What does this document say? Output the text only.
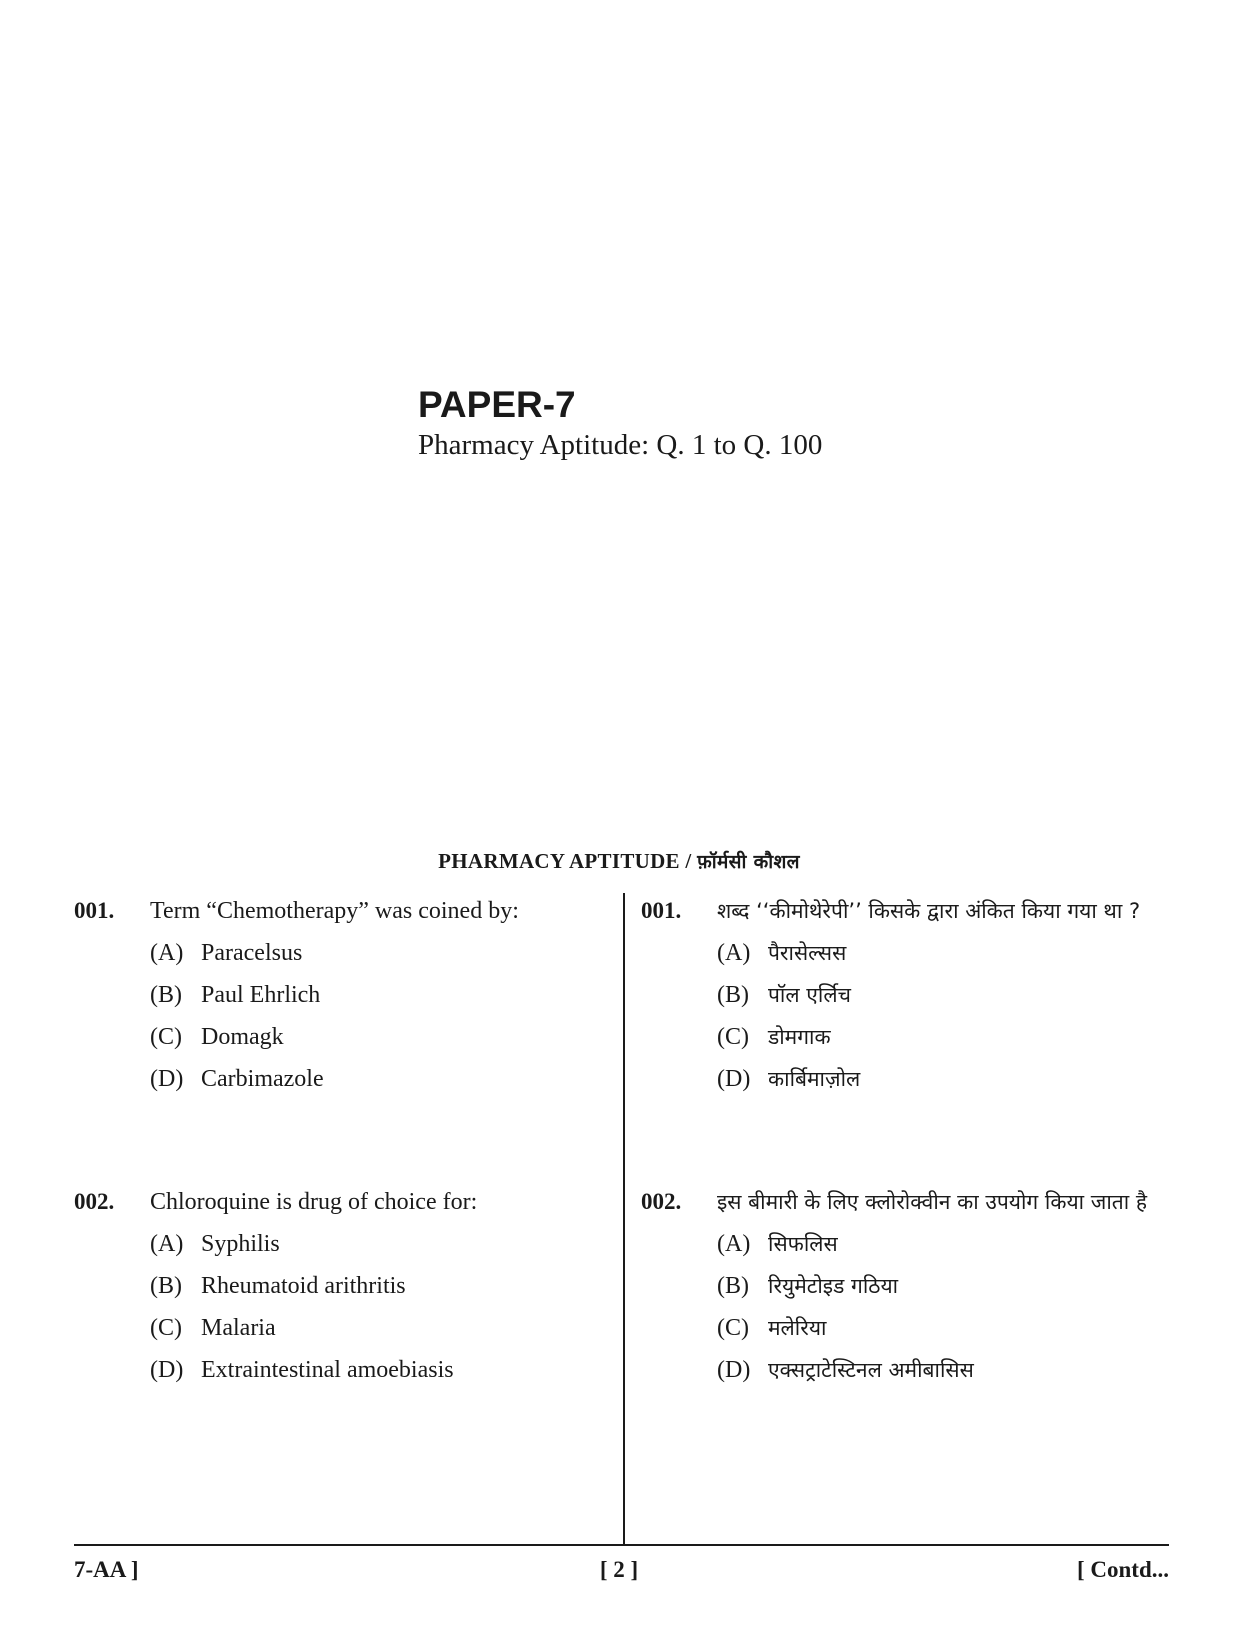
PAPER-7
Pharmacy Aptitude: Q. 1 to Q. 100
PHARMACY APTITUDE / फ़ॉर्मसी कौशल
001.	Term “Chemotherapy” was coined by:
(A) Paracelsus
(B) Paul Ehrlich
(C) Domagk
(D) Carbimazole
002.	Chloroquine is drug of choice for:
(A) Syphilis
(B) Rheumatoid arithritis
(C) Malaria
(D) Extraintestinal amoebiasis
001.	शब्द ‘‘कीमोथेरेपी’’ किसके द्वारा अंकित किया गया था ?
(A) पैरासेल्सस
(B) पॉल एर्लिच
(C) डोमगाक
(D) कार्बिमाज़ोल
002.	इस बीमारी के लिए क्लोरोक्वीन का उपयोग किया जाता है
(A) सिफलिस
(B) रियुमेटोइड गठिया
(C) मलेरिया
(D) एक्सट्राटेस्टिनल अमीबासिस
7-AA ]	[ 2 ]	[ Contd...
